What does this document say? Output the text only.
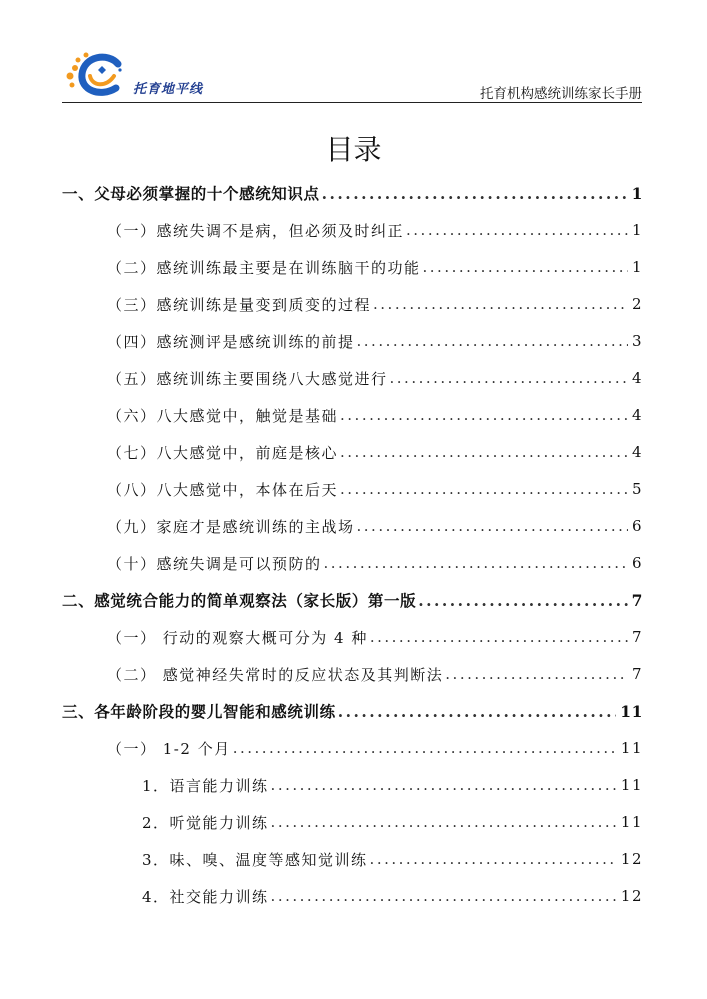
托育地平线	托育机构感统训练家长手册
目录
一、父母必须掌握的十个感统知识点 .....	1
（一）感统失调不是病，但必须及时纠正 .....	1
（二）感统训练最主要是在训练脑干的功能 .....	1
（三）感统训练是量变到质变的过程 .....	2
（四）感统测评是感统训练的前提 .....	3
（五）感统训练主要围绕八大感觉进行 .....	4
（六）八大感觉中，触觉是基础 .....	4
（七）八大感觉中，前庭是核心 .....	4
（八）八大感觉中，本体在后天 .....	5
（九）家庭才是感统训练的主战场 .....	6
（十）感统失调是可以预防的 .....	6
二、感觉统合能力的简单观察法（家长版）第一版 .....	7
（一） 行动的观察大概可分为 4 种 .....	7
（二） 感觉神经失常时的反应状态及其判断法 .....	7
三、各年龄阶段的婴儿智能和感统训练 .....	11
（一） 1-2 个月 .....	11
1．语言能力训练 .....	11
2．听觉能力训练 .....	11
3．味、嗅、温度等感知觉训练 .....	12
4．社交能力训练 .....	12
